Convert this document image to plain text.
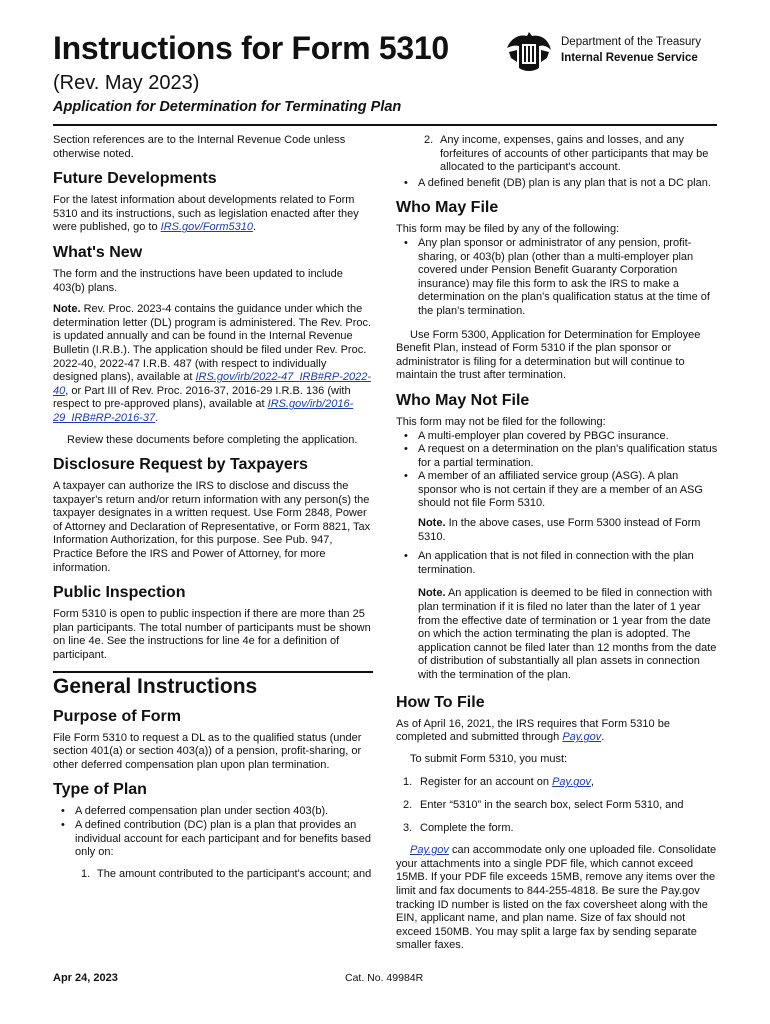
Instructions for Form 5310
(Rev. May 2023)
Application for Determination for Terminating Plan
Department of the Treasury
Internal Revenue Service

Section references are to the Internal Revenue Code unless otherwise noted.

Future Developments

For the latest information about developments related to Form 5310 and its instructions, such as legislation enacted after they were published, go to IRS.gov/Form5310.

What's New

The form and the instructions have been updated to include 403(b) plans.

Note. Rev. Proc. 2023-4 contains the guidance under which the determination letter (DL) program is administered. The Rev. Proc. is updated annually and can be found in the Internal Revenue Bulletin (I.R.B.). The application should be filed under Rev. Proc. 2022-40, 2022-47 I.R.B. 487 (with respect to individually designed plans), available at IRS.gov/irb/2022-47_IRB#RP-2022-40, or Part III of Rev. Proc. 2016-37, 2016-29 I.R.B. 136 (with respect to pre-approved plans), available at IRS.gov/irb/2016-29_IRB#RP-2016-37.

Review these documents before completing the application.

Disclosure Request by Taxpayers

A taxpayer can authorize the IRS to disclose and discuss the taxpayer's return and/or return information with any person(s) the taxpayer designates in a written request. Use Form 2848, Power of Attorney and Declaration of Representative, or Form 8821, Tax Information Authorization, for this purpose. See Pub. 947, Practice Before the IRS and Power of Attorney, for more information.

Public Inspection

Form 5310 is open to public inspection if there are more than 25 plan participants. The total number of participants must be shown on line 4e. See the instructions for line 4e for a definition of participant.

General Instructions
Purpose of Form

File Form 5310 to request a DL as to the qualified status (under section 401(a) or section 403(a)) of a pension, profit-sharing, or other deferred compensation plan upon plan termination.

Type of Plan
• A deferred compensation plan under section 403(b).
• A defined contribution (DC) plan is a plan that provides an individual account for each participant and for benefits based only on:
1. The amount contributed to the participant's account; and
2. Any income, expenses, gains and losses, and any forfeitures of accounts of other participants that may be allocated to the participant's account.
• A defined benefit (DB) plan is any plan that is not a DC plan.
Who May File

This form may be filed by any of the following:

• Any plan sponsor or administrator of any pension, profit-sharing, or 403(b) plan (other than a multi-employer plan covered under Pension Benefit Guaranty Corporation insurance) may file this form to ask the IRS to make a determination on the plan's qualification status at the time of the plan's termination.

Use Form 5300, Application for Determination for Employee Benefit Plan, instead of Form 5310 if the plan sponsor or administrator is filing for a determination but will continue to maintain the trust after termination.

Who May Not File

This form may not be filed for the following:

• A multi-employer plan covered by PBGC insurance.
• A request on a determination on the plan's qualification status for a partial termination.
• A member of an affiliated service group (ASG). A plan sponsor who is not certain if they are a member of an ASG should not file Form 5310.

Note. In the above cases, use Form 5300 instead of Form 5310.

• An application that is not filed in connection with the plan termination.

Note. An application is deemed to be filed in connection with plan termination if it is filed no later than the later of 1 year from the effective date of termination or 1 year from the date on which the action terminating the plan is adopted. The application cannot be filed later than 12 months from the date of distribution of substantially all plan assets in connection with the termination of the plan.

How To File

As of April 16, 2021, the IRS requires that Form 5310 be completed and submitted through Pay.gov.

To submit Form 5310, you must:

1. Register for an account on Pay.gov,
2. Enter “5310” in the search box, select Form 5310, and
3. Complete the form.

Pay.gov can accommodate only one uploaded file. Consolidate your attachments into a single PDF file, which cannot exceed 15MB. If your PDF file exceeds 15MB, remove any items over the limit and fax documents to 844-255-4818. Be sure the Pay.gov tracking ID number is listed on the fax coversheet along with the EIN, applicant name, and plan name. Size of fax should not exceed 150MB. You may split a large fax by sending separate smaller faxes.

Apr 24, 2023	Cat. No. 49984R
